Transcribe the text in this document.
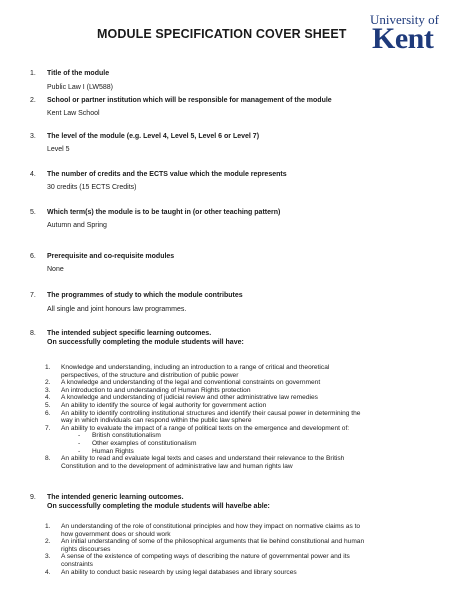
MODULE SPECIFICATION COVER SHEET
University of
Kent
1. Title of the module
Public Law I (LW588)
2. School or partner institution which will be responsible for management of the module
Kent Law School
3. The level of the module (e.g. Level 4, Level 5, Level 6 or Level 7)
Level 5
4. The number of credits and the ECTS value which the module represents
30 credits (15 ECTS Credits)
5. Which term(s) the module is to be taught in (or other teaching pattern)
Autumn and Spring
6. Prerequisite and co-requisite modules
None
7. The programmes of study to which the module contributes
All single and joint honours law programmes.
8. The intended subject specific learning outcomes.
On successfully completing the module students will have:
1. Knowledge and understanding, including an introduction to a range of critical and theoretical
perspectives, of the structure and distribution of public power
2. A knowledge and understanding of the legal and conventional constraints on government
3. An introduction to and understanding of Human Rights protection
4. A knowledge and understanding of judicial review and other administrative law remedies
5. An ability to identify the source of legal authority for government action
6. An ability to identify controlling institutional structures and identify their causal power in determining the
way in which individuals can respond within the public law sphere
7. An ability to evaluate the impact of a range of political texts on the emergence and development of:
- British constitutionalism
- Other examples of constitutionalism
- Human Rights
8. An ability to read and evaluate legal texts and cases and understand their relevance to the British
Constitution and to the development of administrative law and human rights law
9. The intended generic learning outcomes.
On successfully completing the module students will have/be able:
1. An understanding of the role of constitutional principles and how they impact on normative claims as to
how government does or should work
2. An initial understanding of some of the philosophical arguments that lie behind constitutional and human
rights discourses
3. A sense of the existence of competing ways of describing the nature of governmental power and its
constraints
4. An ability to conduct basic research by using legal databases and library sources
